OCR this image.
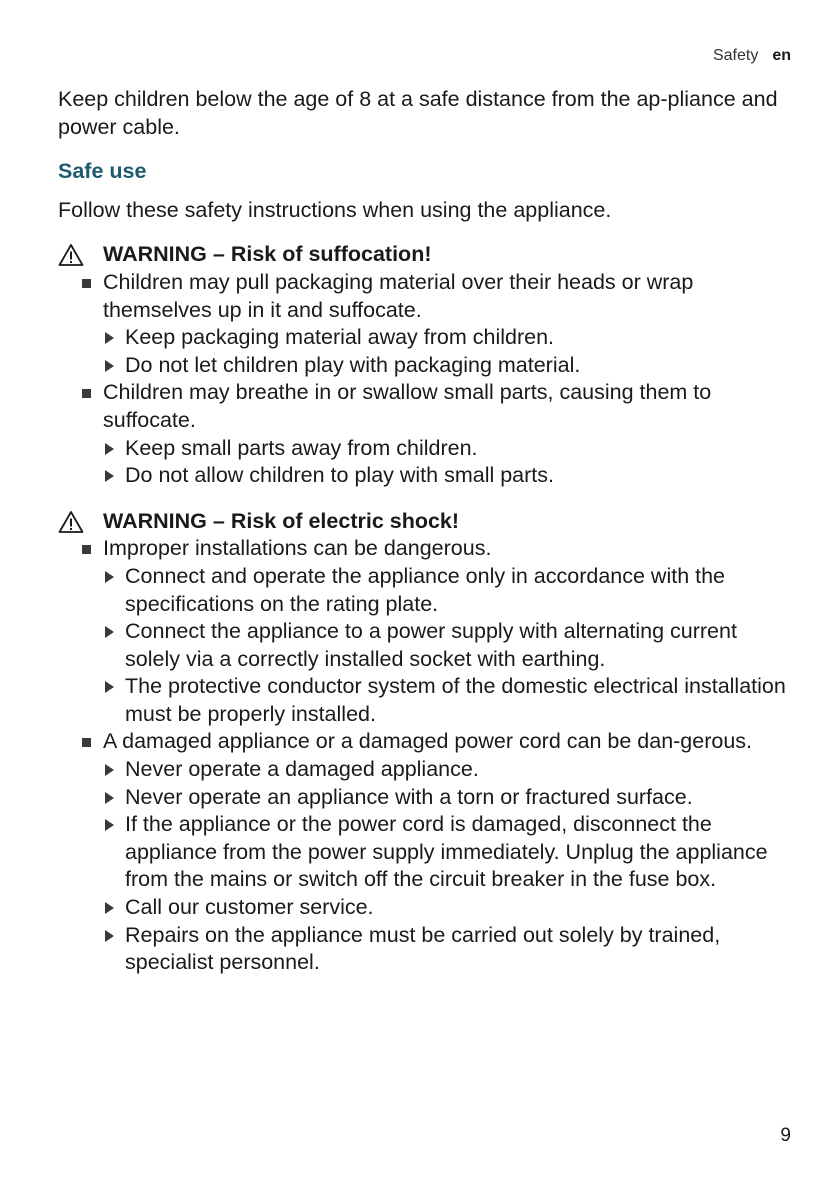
Safety en

Keep children below the age of 8 at a safe distance from the ap-pliance and power cable.

Safe use

Follow these safety instructions when using the appliance.

WARNING – Risk of suffocation!
Children may pull packaging material over their heads or wrap themselves up in it and suffocate.
Keep packaging material away from children.
Do not let children play with packaging material.
Children may breathe in or swallow small parts, causing them to suffocate.
Keep small parts away from children.
Do not allow children to play with small parts.
WARNING – Risk of electric shock!
Improper installations can be dangerous.
Connect and operate the appliance only in accordance with the specifications on the rating plate.
Connect the appliance to a power supply with alternating current solely via a correctly installed socket with earthing.
The protective conductor system of the domestic electrical installation must be properly installed.
A damaged appliance or a damaged power cord can be dan-gerous.
Never operate a damaged appliance.
Never operate an appliance with a torn or fractured surface.
If the appliance or the power cord is damaged, disconnect the appliance from the power supply immediately. Unplug the appliance from the mains or switch off the circuit breaker in the fuse box.
Call our customer service.
Repairs on the appliance must be carried out solely by trained, specialist personnel.
9
